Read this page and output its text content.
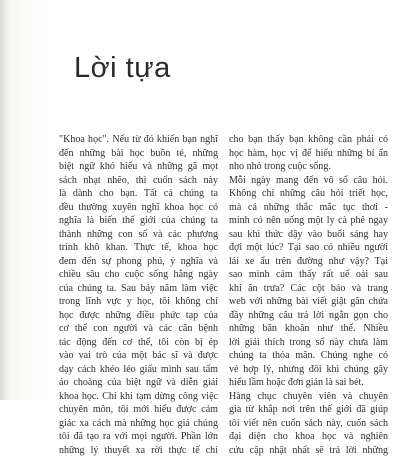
Lời tựa
"Khoa học". Nếu từ đó khiến bạn nghĩ
đến những bài học buồn tẻ, những
biệt ngữ khó hiểu và những gã mọt
sách nhạt nhẽo, thì cuốn sách này
là dành cho bạn. Tất cả chúng ta
đều thường xuyên nghĩ khoa học có
nghĩa là biến thế giới của chúng ta
thành những con số và các phương
trình khô khan. Thực tế, khoa học
đem đến sự phong phú, ý nghĩa và
chiều sâu cho cuộc sống hằng ngày
của chúng ta. Sau bảy năm làm việc
trong lĩnh vực y học, tôi không chỉ
học được những điều phức tạp của
cơ thể con người và các căn bệnh
tác động đến cơ thể, tôi còn bị ép
vào vai trò của một bác sĩ và được
dạy cách khéo léo giấu mình sau tấm
áo choàng của biệt ngữ và diễn giải
khoa học. Chỉ khi tạm dừng công việc
chuyên môn, tôi mới hiểu được cảm
giác xa cách mà những học giả chúng
tôi đã tạo ra với mọi người. Phần lớn
những lý thuyết xa rời thực tế chỉ
cho bạn thấy bạn không cần phải có
học hàm, học vị để hiểu những bí ẩn
nho nhỏ trong cuộc sống.
Mỗi ngày mang đến vô số câu hỏi.
Không chỉ những câu hỏi triết học,
mà cả những thắc mắc tục thơi -
minh có nên uống một ly cà phê ngay
sau khi thức dậy vào buổi sáng hay
đợi một lúc? Tại sao có nhiều người
lái xe ẩu trên đường như vậy? Tại
sao mình cảm thấy rất uể oải sau
khi ăn trưa? Các cột báo và trang
web với những bài viết giật gân chứa
đầy những câu trả lời ngắn gọn cho
những băn khoăn như thế. Nhiều
lời giải thích trong số này chưa làm
chúng ta thỏa mãn. Chúng nghe có
vẻ hợp lý, nhưng đôi khi chúng gây
hiểu lầm hoặc đơn giản là sai bét.
Hàng chục chuyên viên và chuyên
gia từ khắp nơi trên thế giới đã giúp
tôi viết nên cuốn sách này, cuốn sách
đại diện cho khoa học và nghiên
cứu cập nhật nhất sẽ trả lời những
